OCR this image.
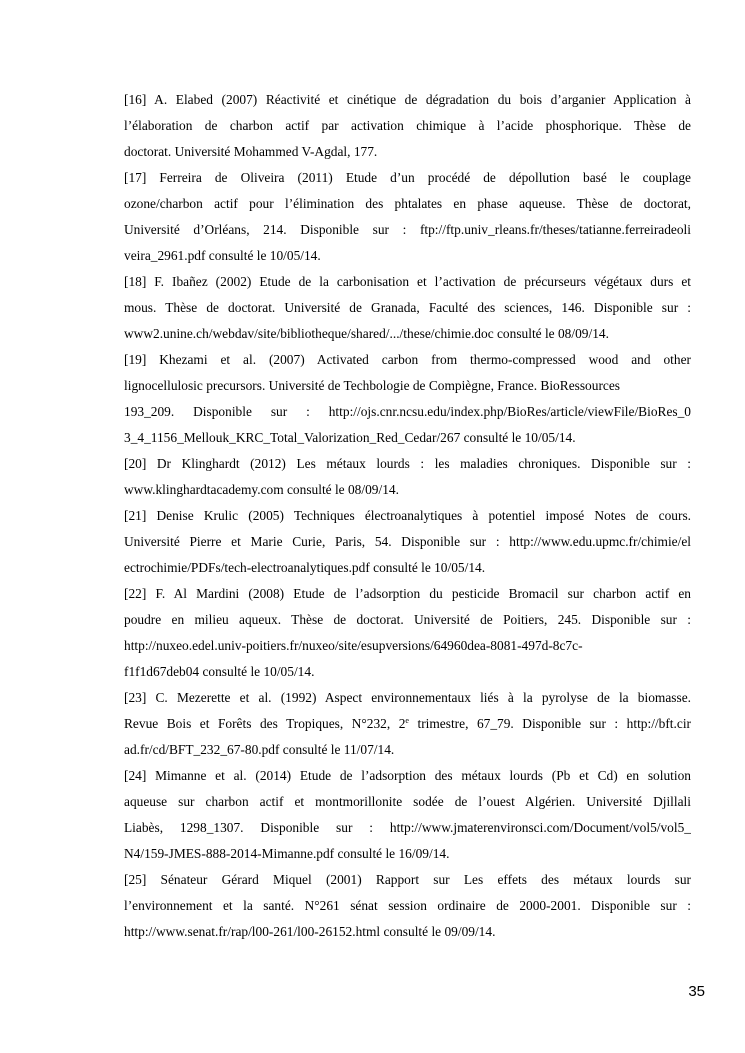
[16] A. Elabed (2007) Réactivité et cinétique de dégradation du bois d’arganier Application à
l’élaboration de charbon actif par activation chimique à l’acide phosphorique. Thèse de
doctorat. Université Mohammed V-Agdal, 177.

[17] Ferreira de Oliveira (2011) Etude d’un procédé de dépollution basé le couplage
ozone/charbon actif pour l’élimination des phtalates en phase aqueuse. Thèse de doctorat,
Université d’Orléans, 214. Disponible sur : ftp://ftp.univ_rleans.fr/theses/tatianne.ferreiradeoli
veira_2961.pdf consulté le 10/05/14.

[18] F. Ibañez (2002) Etude de la carbonisation et l’activation de précurseurs végétaux durs et
mous. Thèse de doctorat. Université de Granada, Faculté des sciences, 146. Disponible sur :
www2.unine.ch/webdav/site/bibliotheque/shared/.../these/chimie.doc consulté le 08/09/14.

[19] Khezami et al. (2007) Activated carbon from thermo-compressed wood and other
lignocellulosic precursors. Université de Techbologie de Compiègne, France. BioRessources
193_209. Disponible sur : http://ojs.cnr.ncsu.edu/index.php/BioRes/article/viewFile/BioRes_0
3_4_1156_Mellouk_KRC_Total_Valorization_Red_Cedar/267 consulté le 10/05/14.

[20] Dr Klinghardt (2012) Les métaux lourds : les maladies chroniques. Disponible sur :
www.klinghardtacademy.com consulté le 08/09/14.

[21] Denise Krulic (2005) Techniques électroanalytiques à potentiel imposé Notes de cours.
Université Pierre et Marie Curie, Paris, 54. Disponible sur : http://www.edu.upmc.fr/chimie/el
ectrochimie/PDFs/tech-electroanalytiques.pdf consulté le 10/05/14.

[22] F. Al Mardini (2008) Etude de l’adsorption du pesticide Bromacil sur charbon actif en
poudre en milieu aqueux. Thèse de doctorat. Université de Poitiers, 245. Disponible sur :
http://nuxeo.edel.univ-poitiers.fr/nuxeo/site/esupversions/64960dea-8081-497d-8c7c-
f1f1d67deb04 consulté le 10/05/14.

[23] C. Mezerette et al. (1992) Aspect environnementaux liés à la pyrolyse de la biomasse.
Revue Bois et Forêts des Tropiques, N°232, 2e trimestre, 67_79. Disponible sur : http://bft.cir
ad.fr/cd/BFT_232_67-80.pdf consulté le 11/07/14.

[24] Mimanne et al. (2014) Etude de l’adsorption des métaux lourds (Pb et Cd) en solution
aqueuse sur charbon actif et montmorillonite sodée de l’ouest Algérien. Université Djillali
Liabès, 1298_1307. Disponible sur : http://www.jmaterenvironsci.com/Document/vol5/vol5_
N4/159-JMES-888-2014-Mimanne.pdf consulté le 16/09/14.

[25] Sénateur Gérard Miquel (2001) Rapport sur Les effets des métaux lourds sur
l’environnement et la santé. N°261 sénat session ordinaire de 2000-2001. Disponible sur :
http://www.senat.fr/rap/l00-261/l00-26152.html consulté le 09/09/14.

35
